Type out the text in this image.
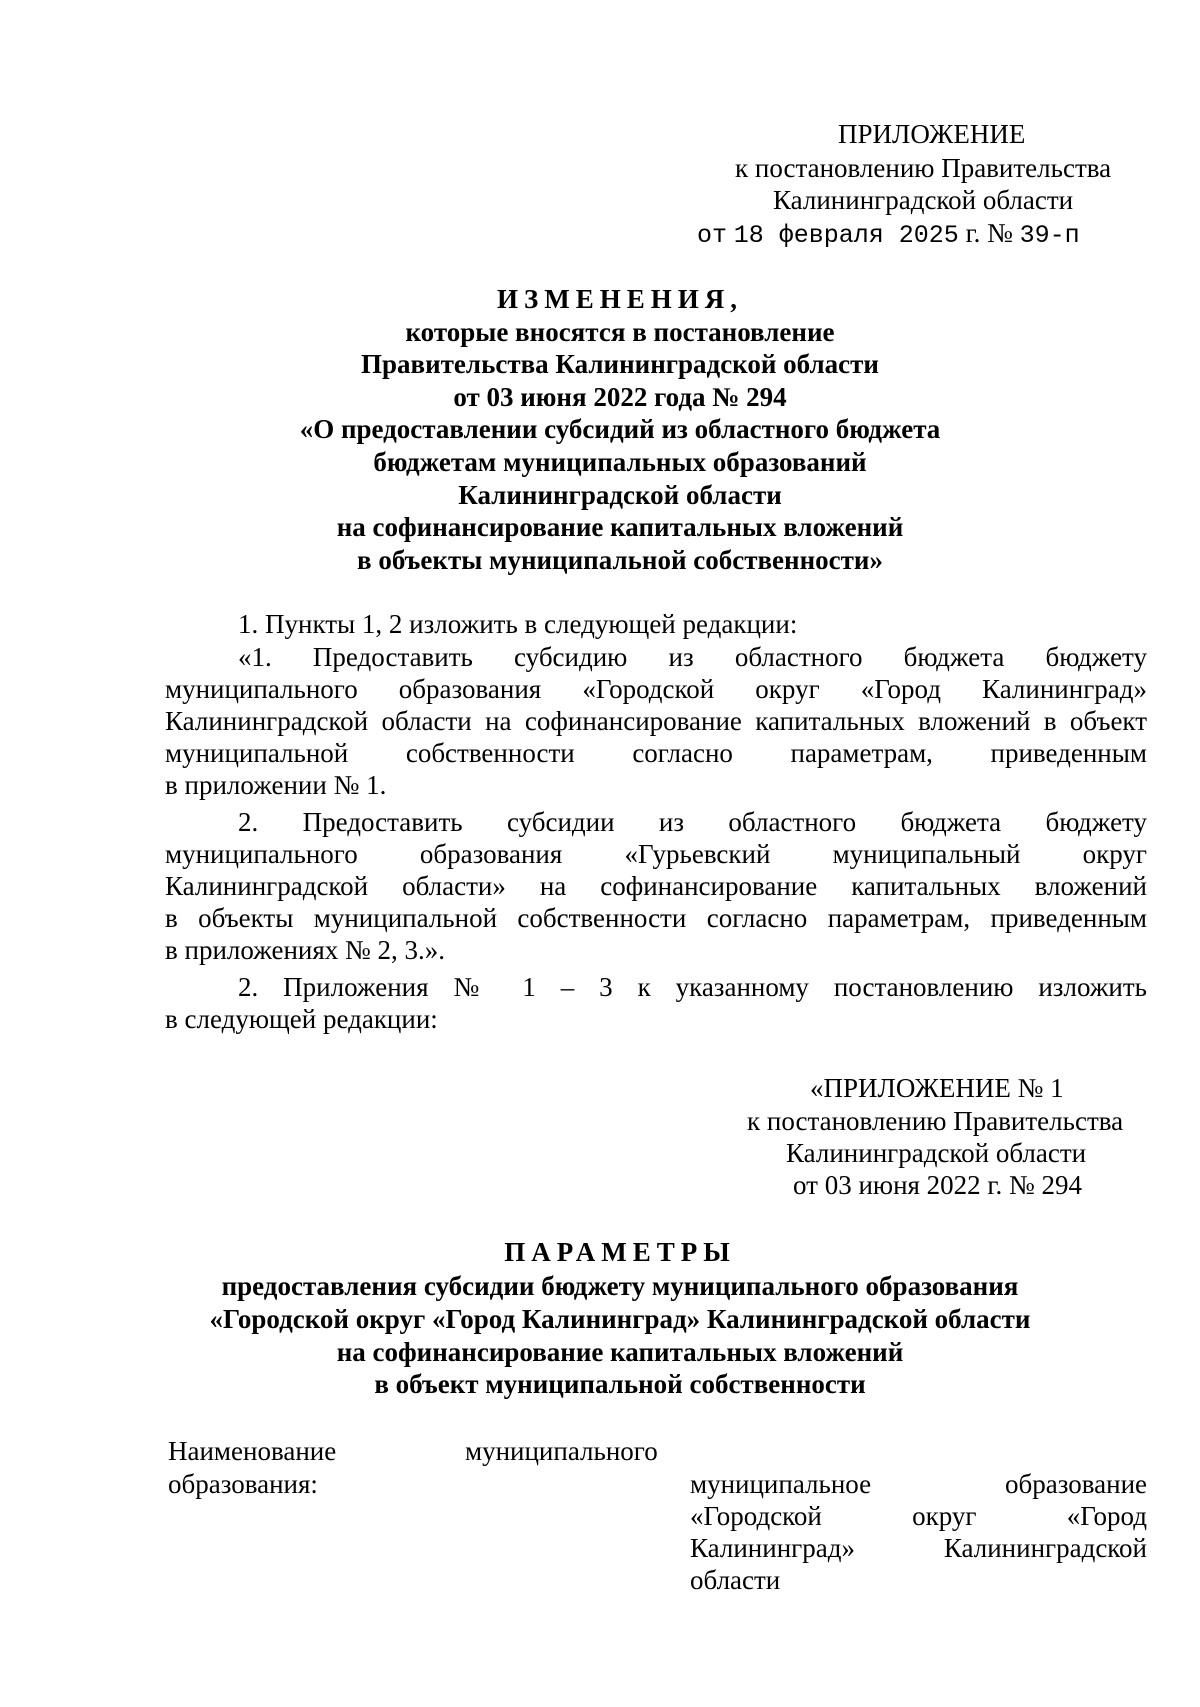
ПРИЛОЖЕНИЕ
к постановлению Правительства
Калининградской области
от 18 февраля 2025 г. № 39-п
ИЗМЕНЕНИЯ,
которые вносятся в постановление
Правительства Калининградской области
от 03 июня 2022 года № 294
«О предоставлении субсидий из областного бюджета
бюджетам муниципальных образований
Калининградской области
на софинансирование капитальных вложений
в объекты муниципальной собственности»
1. Пункты 1, 2 изложить в следующей редакции:
«1. Предоставить субсидию из областного бюджета бюджету
муниципального образования «Городской округ «Город Калининград»
Калининградской области на софинансирование капитальных вложений в объект
муниципальной собственности согласно параметрам, приведенным
в приложении № 1.
2. Предоставить субсидии из областного бюджета бюджету
муниципального образования «Гурьевский муниципальный округ
Калининградской области» на софинансирование капитальных вложений
в объекты муниципальной собственности согласно параметрам, приведенным
в приложениях № 2, 3.».
2. Приложения № 1 – 3 к указанному постановлению изложить
в следующей редакции:
«ПРИЛОЖЕНИЕ № 1
к постановлению Правительства
Калининградской области
от 03 июня 2022 г. № 294
ПАРАМЕТРЫ
предоставления субсидии бюджету муниципального образования
«Городской округ «Город Калининград» Калининградской области
на софинансирование капитальных вложений
в объект муниципальной собственности
Наименование	муниципального
образования:	муниципальное образование
«Городской округ «Город
Калининград» Калининградской
области
